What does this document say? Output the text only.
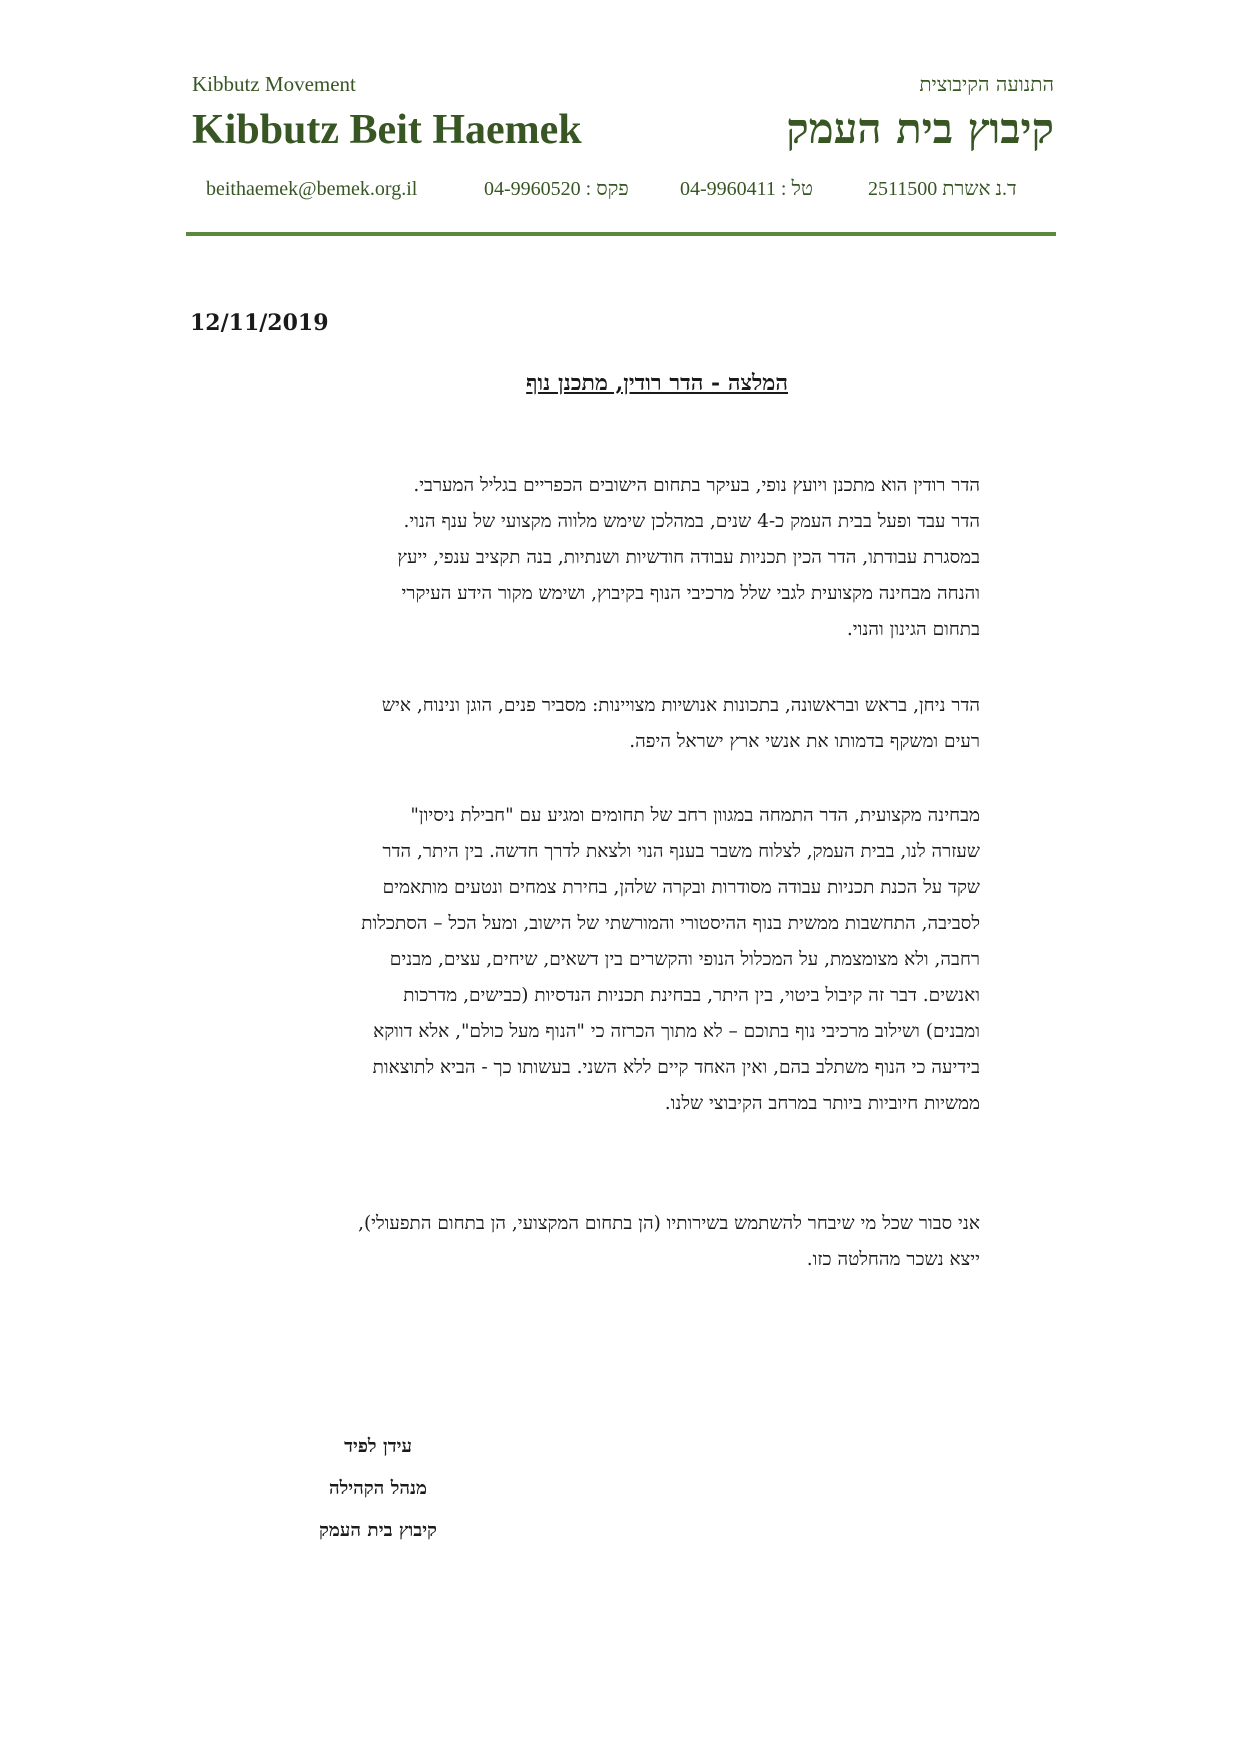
Kibbutz Movement	התנועה הקיבוצית
Kibbutz Beit Haemek	קיבוץ בית העמק
beithaemek@bemek.org.il	פקס : 04-9960520	טל : 04-9960411	ד.נ אשרת 2511500
12/11/2019
המלצה - הדר רודין, מתכנן נוף
הדר רודין הוא מתכנן ויועץ נופי, בעיקר בתחום הישובים הכפריים בגליל המערבי.
הדר עבד ופעל בבית העמק כ-4 שנים, במהלכן שימש מלווה מקצועי של ענף הנוי.
במסגרת עבודתו, הדר הכין תכניות עבודה חודשיות ושנתיות, בנה תקציב ענפי, ייעץ
והנחה מבחינה מקצועית לגבי שלל מרכיבי הנוף בקיבוץ, ושימש מקור הידע העיקרי
בתחום הגינון והנוי.
הדר ניחן, בראש ובראשונה, בתכונות אנושיות מצויינות: מסביר פנים, הוגן ונינוח, איש
רעים ומשקף בדמותו את אנשי ארץ ישראל היפה.
מבחינה מקצועית, הדר התמחה במגוון רחב של תחומים ומגיע עם "חבילת ניסיון"
שעזרה לנו, בבית העמק, לצלוח משבר בענף הנוי ולצאת לדרך חדשה. בין היתר, הדר
שקד על הכנת תכניות עבודה מסודרות ובקרה שלהן, בחירת צמחים ונטעים מותאמים
לסביבה, התחשבות ממשית בנוף ההיסטורי והמורשתי של הישוב, ומעל הכל – הסתכלות
רחבה, ולא מצומצמת, על המכלול הנופי והקשרים בין דשאים, שיחים, עצים, מבנים
ואנשים. דבר זה קיבול ביטוי, בין היתר, בבחינת תכניות הנדסיות (כבישים, מדרכות
ומבנים) ושילוב מרכיבי נוף בתוכם – לא מתוך הכרזה כי "הנוף מעל כולם", אלא דווקא
בידיעה כי הנוף משתלב בהם, ואין האחד קיים ללא השני. בעשותו כך - הביא לתוצאות
ממשיות חיוביות ביותר במרחב הקיבוצי שלנו.
אני סבור שכל מי שיבחר להשתמש בשירותיו (הן בתחום המקצועי, הן בתחום התפעולי),
ייצא נשכר מהחלטה כזו.
עידן לפיד
מנהל הקהילה
קיבוץ בית העמק
